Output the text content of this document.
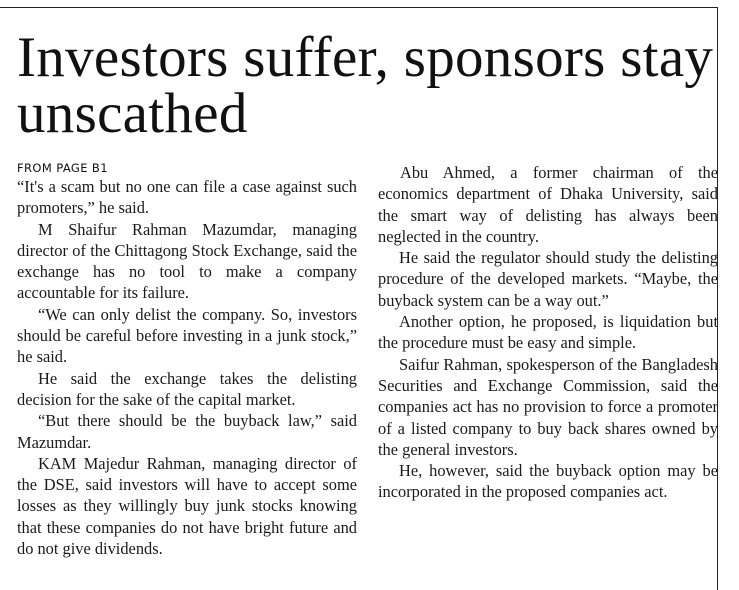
Investors suffer, sponsors stay unscathed
FROM PAGE B1

“It's a scam but no one can file a case against such promoters,” he said.

M Shaifur Rahman Mazumdar, managing director of the Chittagong Stock Exchange, said the exchange has no tool to make a company accountable for its failure.

“We can only delist the company. So, investors should be careful before investing in a junk stock,” he said.

He said the exchange takes the delisting decision for the sake of the capital market.

“But there should be the buyback law,” said Mazumdar.

KAM Majedur Rahman, managing director of the DSE, said investors will have to accept some losses as they willingly buy junk stocks knowing that these companies do not have bright future and do not give dividends.

Abu Ahmed, a former chairman of the economics department of Dhaka University, said the smart way of delisting has always been neglected in the country.

He said the regulator should study the delisting procedure of the developed markets. “Maybe, the buyback system can be a way out.”

Another option, he proposed, is liquidation but the procedure must be easy and simple.

Saifur Rahman, spokesperson of the Bangladesh Securities and Exchange Commission, said the companies act has no provision to force a promoter of a listed company to buy back shares owned by the general investors.

He, however, said the buyback option may be incorporated in the proposed companies act.
